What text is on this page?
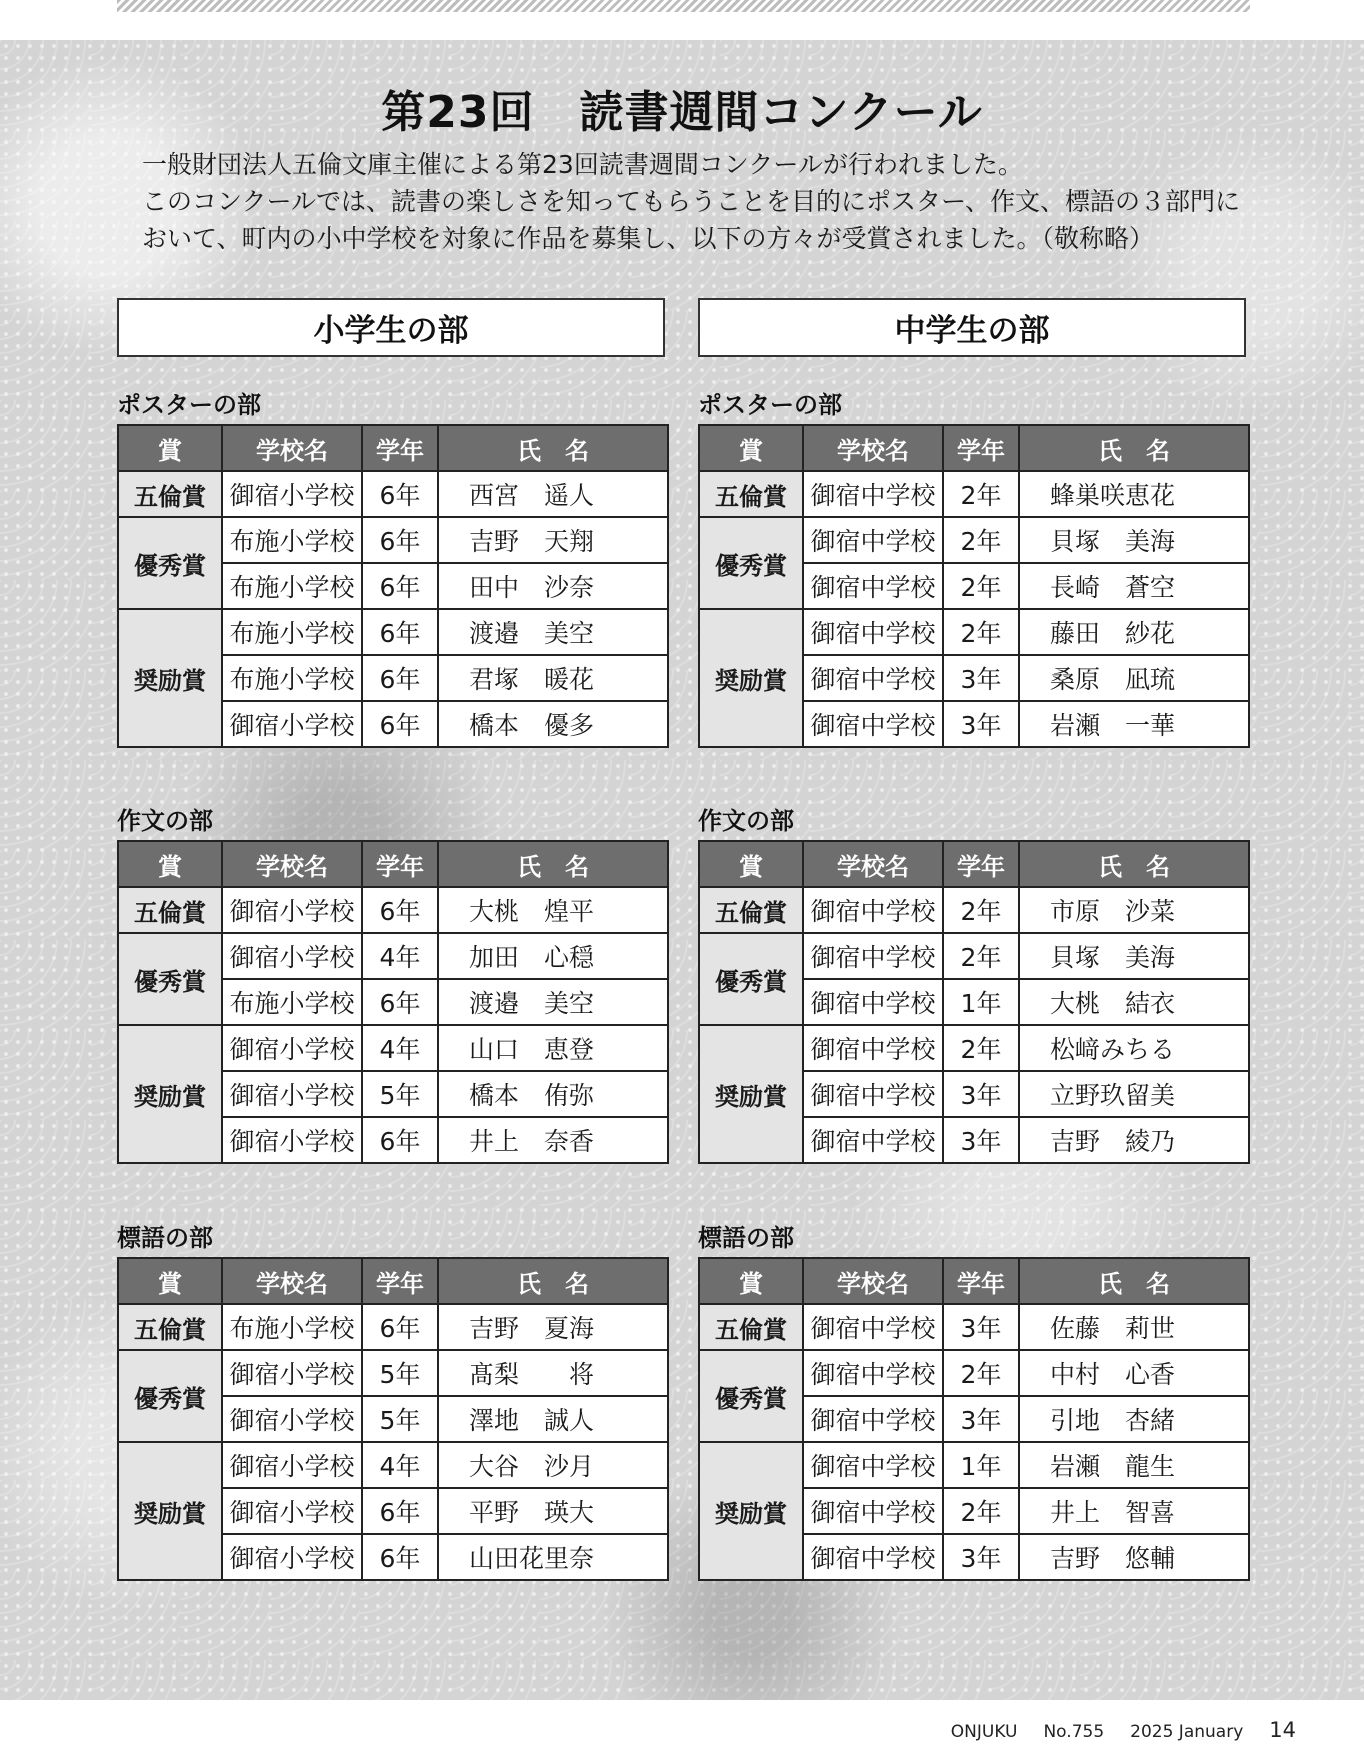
第23回　読書週間コンクール

一般財団法人五倫文庫主催による第23回読書週間コンクールが行われました。

このコンクールでは、読書の楽しさを知ってもらうことを目的にポスター、作文、標語の３部門において、町内の小中学校を対象に作品を募集し、以下の方々が受賞されました。（敬称略）

小学生の部	中学生の部
ポスターの部
賞	学校名	学年	氏　名
五倫賞	御宿小学校	6年	西宮　遥人
優秀賞	布施小学校	6年	吉野　天翔
	布施小学校	6年	田中　沙奈
奨励賞	布施小学校	6年	渡邉　美空
	布施小学校	6年	君塚　暖花
	御宿小学校	6年	橋本　優多
作文の部
賞	学校名	学年	氏　名
五倫賞	御宿小学校	6年	大桃　煌平
優秀賞	御宿小学校	4年	加田　心穏
	布施小学校	6年	渡邉　美空
奨励賞	御宿小学校	4年	山口　恵登
	御宿小学校	5年	橋本　侑弥
	御宿小学校	6年	井上　奈香
標語の部
賞	学校名	学年	氏　名
五倫賞	布施小学校	6年	吉野　夏海
優秀賞	御宿小学校	5年	髙梨　　将
	御宿小学校	5年	澤地　誠人
奨励賞	御宿小学校	4年	大谷　沙月
	御宿小学校	6年	平野　瑛大
	御宿小学校	6年	山田花里奈
ポスターの部
賞	学校名	学年	氏　名
五倫賞	御宿中学校	2年	蜂巣咲恵花
優秀賞	御宿中学校	2年	貝塚　美海
	御宿中学校	2年	長崎　蒼空
奨励賞	御宿中学校	2年	藤田　紗花
	御宿中学校	3年	桑原　凪琉
	御宿中学校	3年	岩瀬　一華
作文の部
賞	学校名	学年	氏　名
五倫賞	御宿中学校	2年	市原　沙菜
優秀賞	御宿中学校	2年	貝塚　美海
	御宿中学校	1年	大桃　結衣
奨励賞	御宿中学校	2年	松﨑みちる
	御宿中学校	3年	立野玖留美
	御宿中学校	3年	吉野　綾乃
標語の部
賞	学校名	学年	氏　名
五倫賞	御宿中学校	3年	佐藤　莉世
優秀賞	御宿中学校	2年	中村　心香
	御宿中学校	3年	引地　杏緒
奨励賞	御宿中学校	1年	岩瀬　龍生
	御宿中学校	2年	井上　智喜
	御宿中学校	3年	吉野　悠輔
ONJUKU No.755 2025 January 14
